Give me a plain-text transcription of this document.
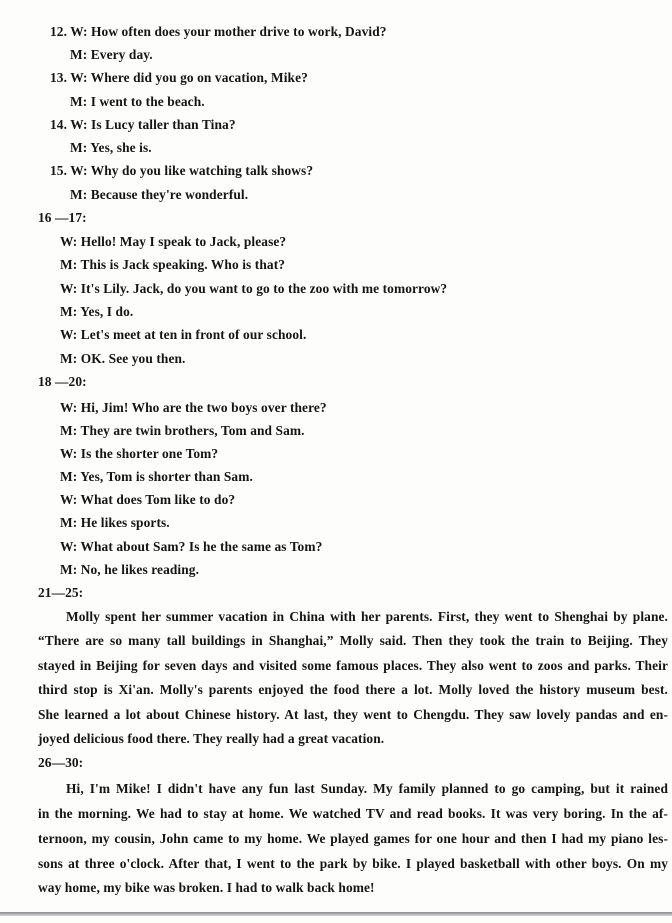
12. W: How often does your mother drive to work, David?
M: Every day.
13. W: Where did you go on vacation, Mike?
M: I went to the beach.
14. W: Is Lucy taller than Tina?
M: Yes, she is.
15. W: Why do you like watching talk shows?
M: Because they're wonderful.
16 —17:
W: Hello! May I speak to Jack, please?
M: This is Jack speaking. Who is that?
W: It's Lily. Jack, do you want to go to the zoo with me tomorrow?
M: Yes, I do.
W: Let's meet at ten in front of our school.
M: OK. See you then.
18 —20:
W: Hi, Jim! Who are the two boys over there?
M: They are twin brothers, Tom and Sam.
W: Is the shorter one Tom?
M: Yes, Tom is shorter than Sam.
W: What does Tom like to do?
M: He likes sports.
W: What about Sam? Is he the same as Tom?
M: No, he likes reading.
21—25:
Molly spent her summer vacation in China with her parents. First, they went to Shenghai by plane.
“There are so many tall buildings in Shanghai,” Molly said. Then they took the train to Beijing. They
stayed in Beijing for seven days and visited some famous places. They also went to zoos and parks. Their
third stop is Xi'an. Molly's parents enjoyed the food there a lot. Molly loved the history museum best.
She learned a lot about Chinese history. At last, they went to Chengdu. They saw lovely pandas and en-
joyed delicious food there. They really had a great vacation.
26—30:
Hi, I'm Mike! I didn't have any fun last Sunday. My family planned to go camping, but it rained
in the morning. We had to stay at home. We watched TV and read books. It was very boring. In the af-
ternoon, my cousin, John came to my home. We played games for one hour and then I had my piano les-
sons at three o'clock. After that, I went to the park by bike. I played basketball with other boys. On my
way home, my bike was broken. I had to walk back home!
